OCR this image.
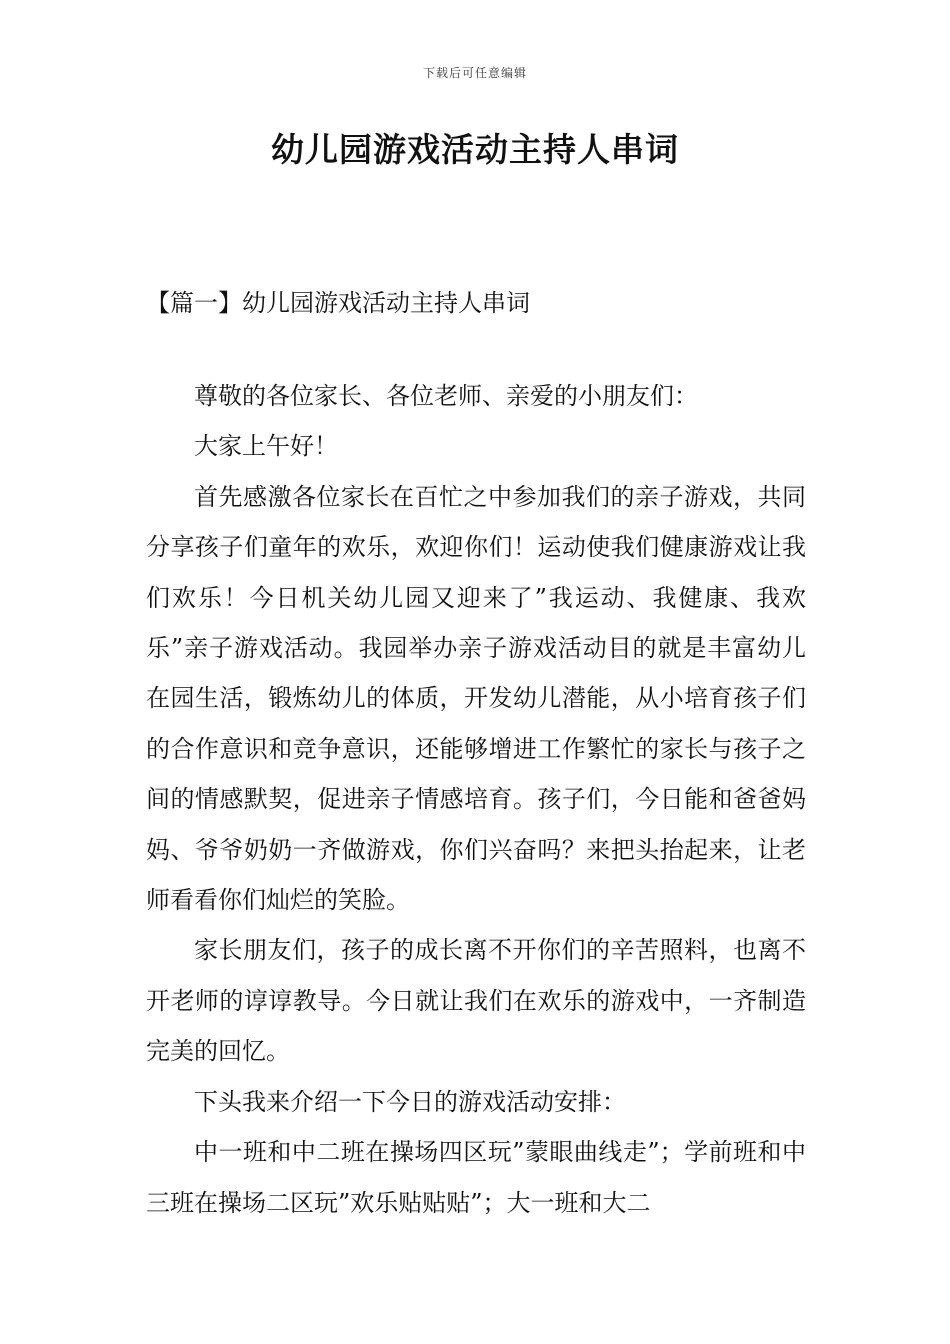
下载后可任意编辑
幼儿园游戏活动主持人串词
【篇一】幼儿园游戏活动主持人串词

尊敬的各位家长、各位老师、亲爱的小朋友们：

大家上午好！

首先感激各位家长在百忙之中参加我们的亲子游戏，共同分享孩子们童年的欢乐，欢迎你们！运动使我们健康游戏让我们欢乐！今日机关幼儿园又迎来了”我运动、我健康、我欢乐”亲子游戏活动。我园举办亲子游戏活动目的就是丰富幼儿在园生活，锻炼幼儿的体质，开发幼儿潜能，从小培育孩子们的合作意识和竞争意识，还能够增进工作繁忙的家长与孩子之间的情感默契，促进亲子情感培育。孩子们，今日能和爸爸妈妈、爷爷奶奶一齐做游戏，你们兴奋吗？来把头抬起来，让老师看看你们灿烂的笑脸。

家长朋友们，孩子的成长离不开你们的辛苦照料，也离不开老师的谆谆教导。今日就让我们在欢乐的游戏中，一齐制造完美的回忆。

下头我来介绍一下今日的游戏活动安排：

中一班和中二班在操场四区玩”蒙眼曲线走”；学前班和中三班在操场二区玩”欢乐贴贴贴”；大一班和大二
